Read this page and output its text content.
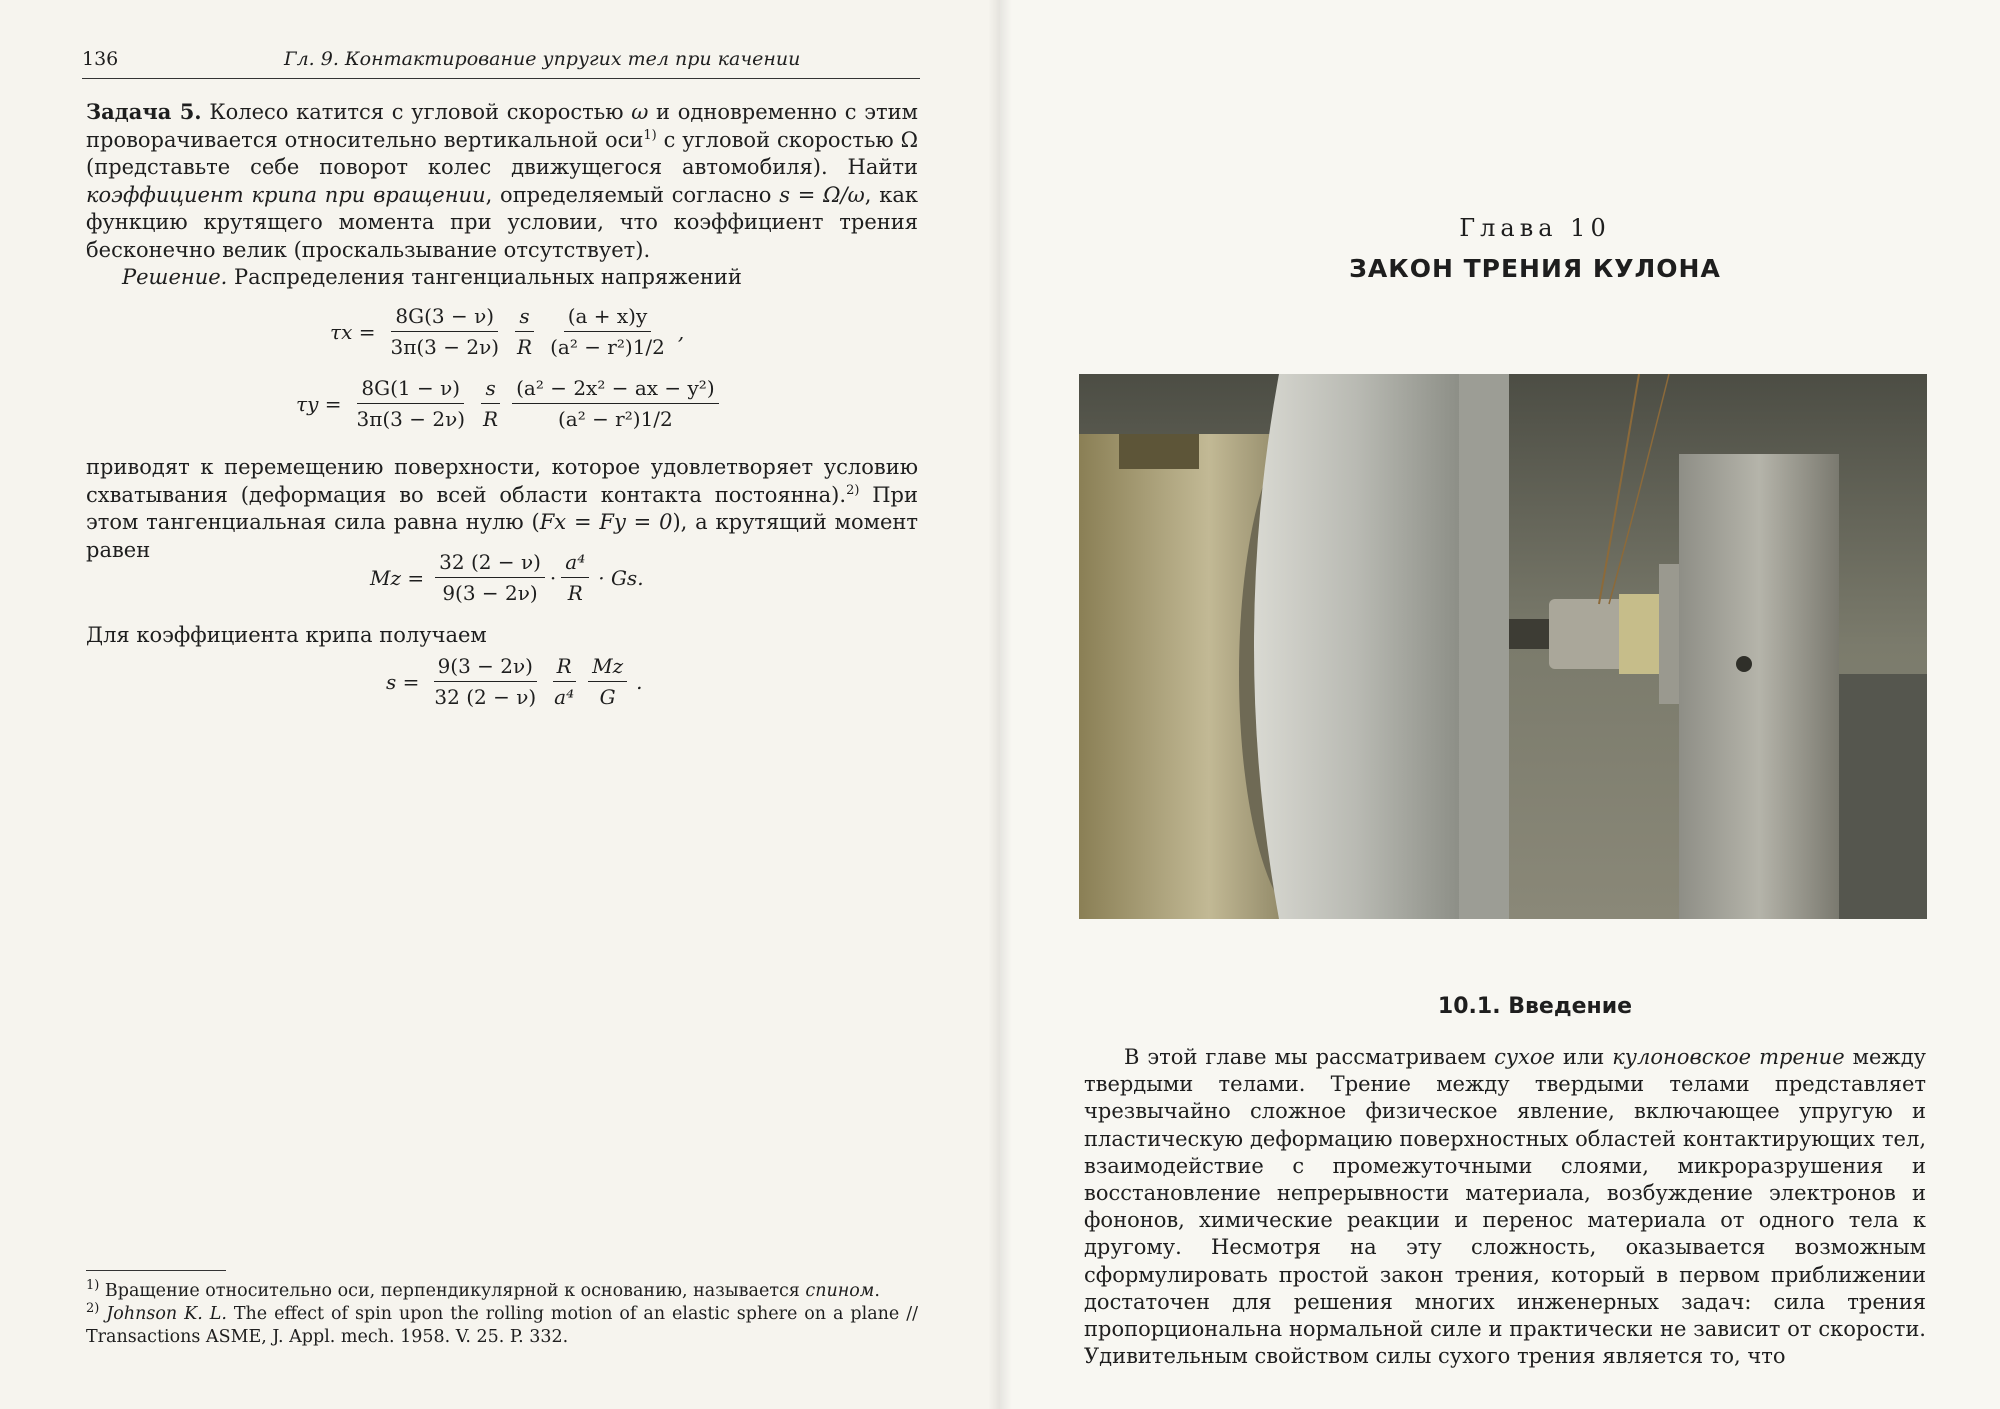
136	Гл. 9. Контактирование упругих тел при качении
Задача 5. Колесо катится с угловой скоростью ω и одновременно с этим проворачивается относительно вертикальной оси$^{1)}$ с угловой скоростью Ω (представьте себе поворот колес движущегося автомобиля). Найти коэффициент крипа при вращении, определяемый согласно s = Ω/ω, как функцию крутящего момента при условии, что коэффициент трения бесконечно велик (проскальзывание отсутствует).
Решение. Распределения тангенциальных напряжений
$\tau x = \frac{8G(3 - \nu)}{3\pi(3 - 2\nu)} \frac{s}{R} \frac{(a + x)y}{\text{(a² − r²)1/2}}$ ,
$\tau y = \frac{8G(1 - \nu)}{3\pi(3 - 2\nu)} \frac{s}{R} \frac{\text{(a² − 2x² − ax − y²)}}{\text{(a² − r²)1/2}}$
приводят к перемещению поверхности, которое удовлетворяет условию схватывания (деформация во всей области контакта постоянна).$^{2)}$ При этом тангенциальная сила равна нулю (Fx = Fy = 0), а крутящий момент равен
$Mz = \frac{32 (2 - \nu)}{9(3 - 2\nu)} \cdot \frac{\text{a⁴}}{R} \cdot Gs$.
Для коэффициента крипа получаем
$s = \frac{9(3 - 2\nu)}{32 (2 - \nu)} \frac{R}{\text{a⁴}} \frac{Mz}{G}$ .
$^{1)}$ Вращение относительно оси, перпендикулярной к основанию, называется спином.
$^{2)}$ Johnson K. L. The effect of spin upon the rolling motion of an elastic sphere on a plane // Transactions ASME, J. Appl. mech. 1958. V. 25. P. 332.
Глава 10
ЗАКОН ТРЕНИЯ КУЛОНА
10.1. Введение
В этой главе мы рассматриваем сухое или кулоновское трение между твердыми телами. Трение между твердыми телами представляет чрезвычайно сложное физическое явление, включающее упругую и пластическую деформацию поверхностных областей контактирующих тел, взаимодействие с промежуточными слоями, микроразрушения и восстановление непрерывности материала, возбуждение электронов и фононов, химические реакции и перенос материала от одного тела к другому. Несмотря на эту сложность, оказывается возможным сформулировать простой закон трения, который в первом приближении достаточен для решения многих инженерных задач: сила трения пропорциональна нормальной силе и практически не зависит от скорости. Удивительным свойством силы сухого трения является то, что
